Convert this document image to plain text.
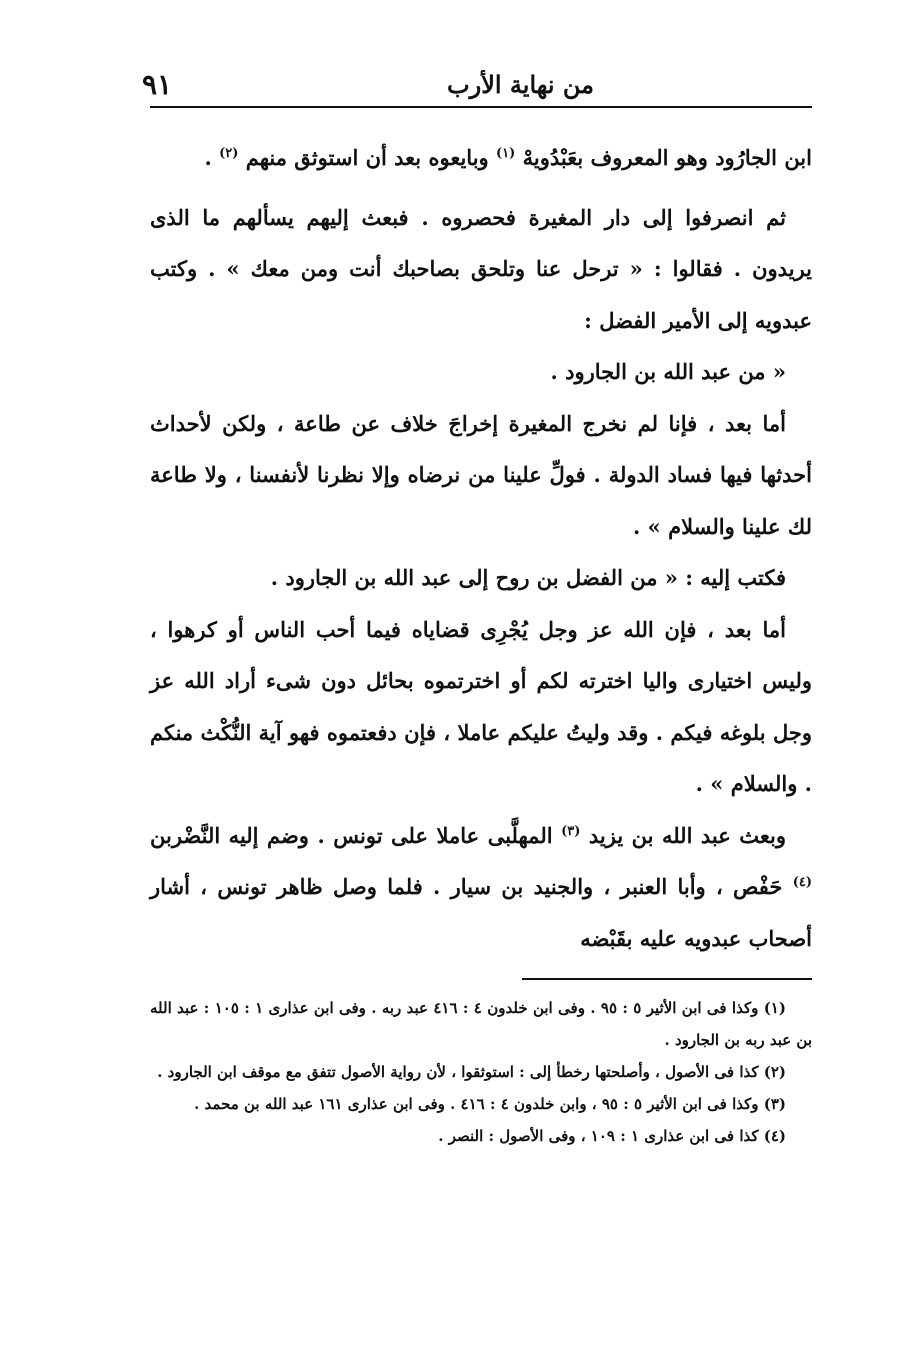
من نهاية الأرب
٩١

ابن الجارُود وهو المعروف بعَبْدُويهْ $^{(١)}$ وبايعوه بعد أن استوثق منهم $^{(٢)}$ .

ثم انصرفوا إلى دار المغيرة فحصروه . فبعث إليهم يسألهم ما الذى يريدون . فقالوا : « ترحل عنا وتلحق بصاحبك أنت ومن معك » . وكتب عبدويه إلى الأمير الفضل :

« من عبد الله بن الجارود .

أما بعد ، فإنا لم نخرج المغيرة إخراجَ خلاف عن طاعة ، ولكن لأحداث أحدثها فيها فساد الدولة . فولِّ علينا من نرضاه وإلا نظرنا لأنفسنا ، ولا طاعة لك علينا والسلام » .

فكتب إليه : « من الفضل بن روح إلى عبد الله بن الجارود .

أما بعد ، فإن الله عز وجل يُجْرِى قضاياه فيما أحب الناس أو كرهوا ، وليس اختيارى واليا اخترته لكم أو اخترتموه بحائل دون شىء أراد الله عز وجل بلوغه فيكم . وقد وليتُ عليكم عاملا ، فإن دفعتموه فهو آية النُّكْث منكم . والسلام » .

وبعث عبد الله بن يزيد $^{(٣)}$ المهلَّبى عاملا على تونس . وضم إليه النَّضْربن $^{(٤)}$ حَفْص ، وأبا العنبر ، والجنيد بن سيار . فلما وصل ظاهر تونس ، أشار أصحاب عبدويه عليه بقَبْضه

(١) وكذا فى ابن الأثير ٥ : ٩٥ . وفى ابن خلدون ٤ : ٤١٦ عبد ربه . وفى ابن عذارى ١ : ١٠٥ : عبد الله بن عبد ربه بن الجارود .

(٢) كذا فى الأصول ، وأصلحتها رخطأ إلى : استوثقوا ، لأن رواية الأصول تتفق مع موقف ابن الجارود .

(٣) وكذا فى ابن الأثير ٥ : ٩٥ ، وابن خلدون ٤ : ٤١٦ . وفى ابن عذارى ١٦١ عبد الله بن محمد .

(٤) كذا فى ابن عذارى ١ : ١٠٩ ، وفى الأصول : النصر .
